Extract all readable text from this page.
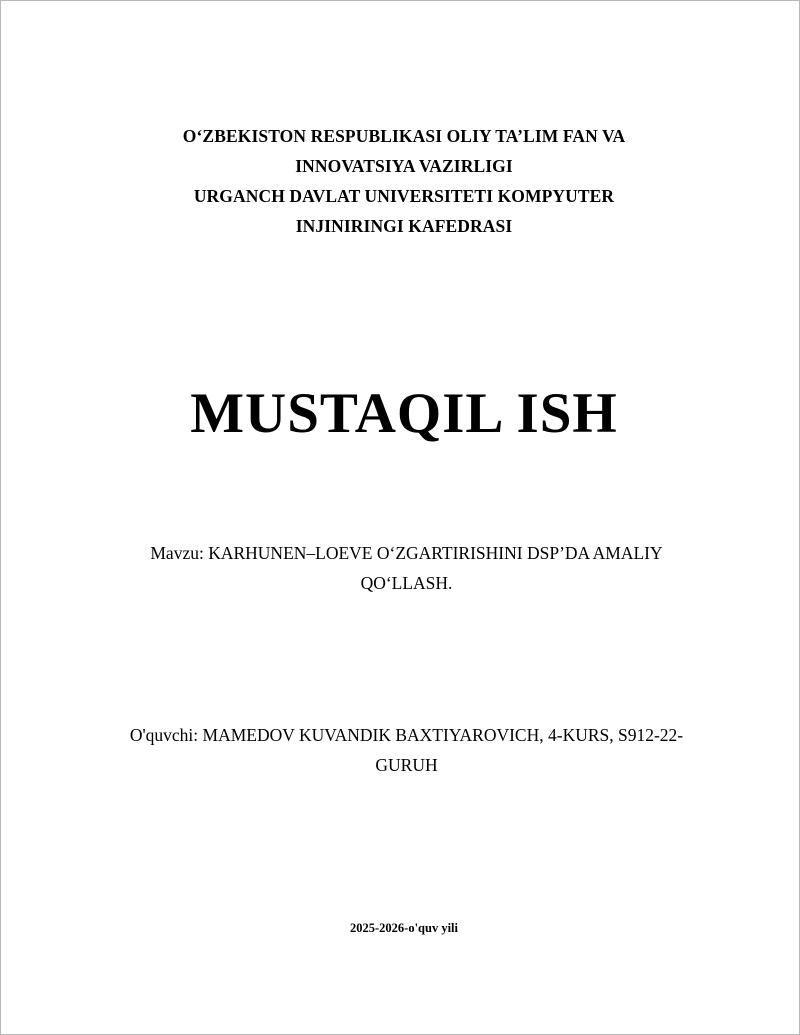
O‘ZBEKISTON RESPUBLIKASI OLIY TA’LIM FAN VA
INNOVATSIYA VAZIRLIGI
URGANCH DAVLAT UNIVERSITETI KOMPYUTER
INJINIRINGI KAFEDRASI
MUSTAQIL ISH
Mavzu: KARHUNEN–LOEVE O‘ZGARTIRISHINI DSP’DA AMALIY QO‘LLASH.
O'quvchi: MAMEDOV KUVANDIK BAXTIYAROVICH, 4-KURS, S912-22-GURUH
2025-2026-o'quv yili
